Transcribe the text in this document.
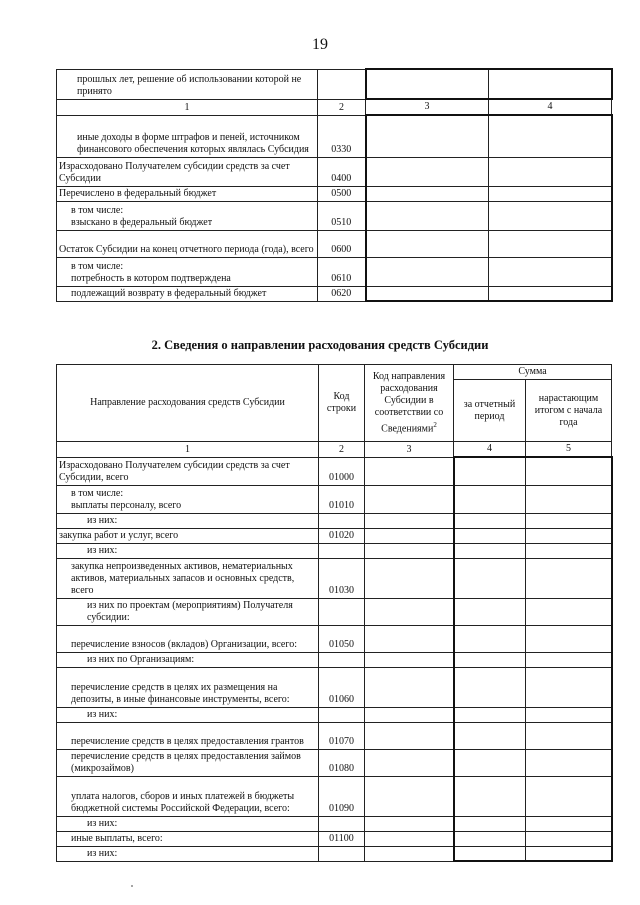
19
прошлых лет, решение об использовании которой не принято			
1	2	3	4
иные доходы в форме штрафов и пеней, источником финансового обеспечения которых являлась Субсидия	0330		
Израсходовано Получателем субсидии средств за счет Субсидии	0400		
Перечислено в федеральный бюджет	0500		

в том числе:
взыскано в федеральный бюджет	0510		
Остаток Субсидии на конец отчетного периода (года), всего	0600		

в том числе:
потребность в котором подтверждена	0610		
подлежащий возврату в федеральный бюджет	0620		
2. Сведения о направлении расходования средств Субсидии
Направление расходования средств Субсидии	Код строки	Код направления расходования Субсидии в соответствии со Сведениями$^2$	Сумма	
			за отчетный период	нарастающим итогом с начала года
1	2	3	4	5
Израсходовано Получателем субсидии средств за счет Субсидии, всего	01000			

в том числе:
выплаты персоналу, всего	01010			
из них:				
закупка работ и услуг, всего	01020			
из них:				
закупка непроизведенных активов, нематериальных активов, материальных запасов и основных средств, всего	01030			
из них по проектам (мероприятиям) Получателя субсидии:				
перечисление взносов (вкладов) Организации, всего:	01050			
из них по Организациям:				
перечисление средств в целях их размещения на депозиты, в иные финансовые инструменты, всего:	01060			
из них:				
перечисление средств в целях предоставления грантов	01070			
перечисление средств в целях предоставления займов (микрозаймов)	01080			
уплата налогов, сборов и иных платежей в бюджеты бюджетной системы Российской Федерации, всего:	01090			
из них:				
иные выплаты, всего:	01100			
из них:				
